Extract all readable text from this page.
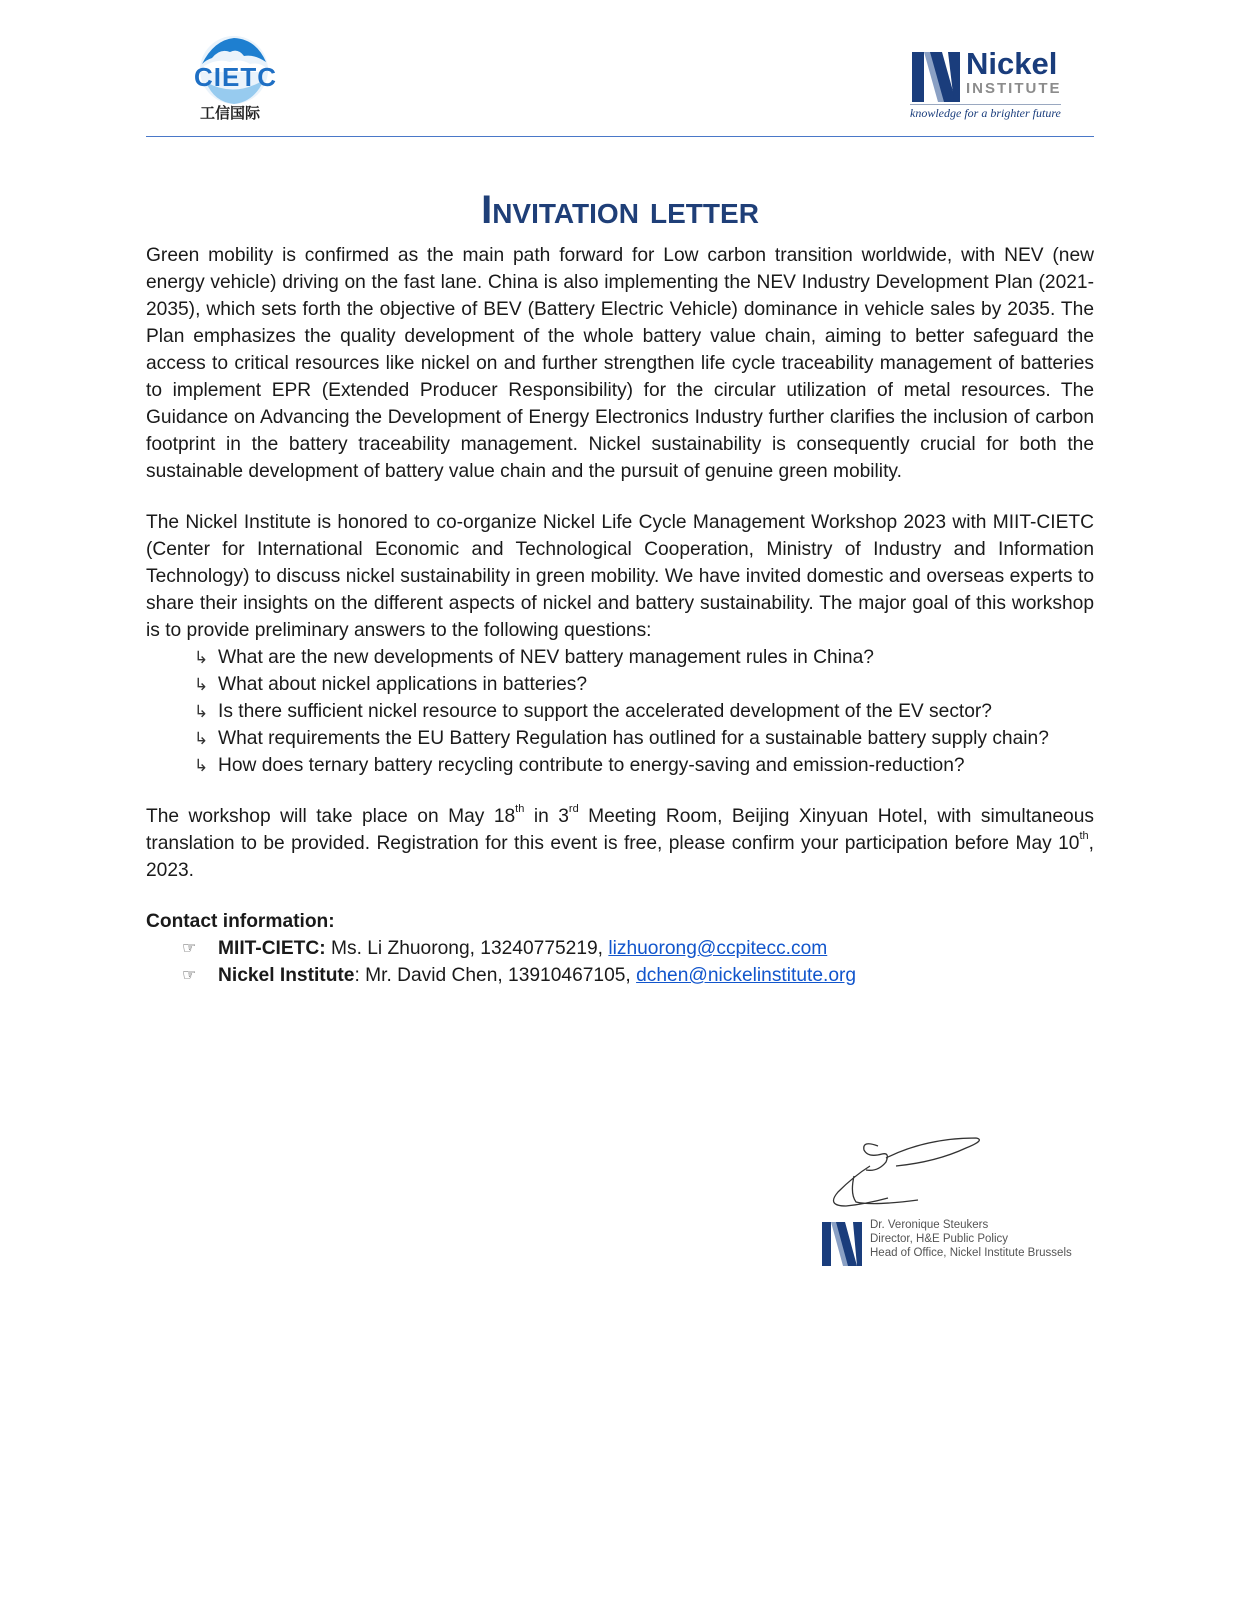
CIETC
工信国际
Nickel
INSTITUTE
knowledge for a brighter future
Invitation letter

Green mobility is confirmed as the main path forward for Low carbon transition worldwide, with NEV (new energy vehicle) driving on the fast lane. China is also implementing the NEV Industry Development Plan (2021-2035), which sets forth the objective of BEV (Battery Electric Vehicle) dominance in vehicle sales by 2035. The Plan emphasizes the quality development of the whole battery value chain, aiming to better safeguard the access to critical resources like nickel on and further strengthen life cycle traceability management of batteries to implement EPR (Extended Producer Responsibility) for the circular utilization of metal resources. The Guidance on Advancing the Development of Energy Electronics Industry further clarifies the inclusion of carbon footprint in the battery traceability management. Nickel sustainability is consequently crucial for both the sustainable development of battery value chain and the pursuit of genuine green mobility.

The Nickel Institute is honored to co-organize Nickel Life Cycle Management Workshop 2023 with MIIT-CIETC (Center for International Economic and Technological Cooperation, Ministry of Industry and Information Technology) to discuss nickel sustainability in green mobility. We have invited domestic and overseas experts to share their insights on the different aspects of nickel and battery sustainability. The major goal of this workshop is to provide preliminary answers to the following questions:

↳ What are the new developments of NEV battery management rules in China?
↳ What about nickel applications in batteries?
↳ Is there sufficient nickel resource to support the accelerated development of the EV sector?
↳ What requirements the EU Battery Regulation has outlined for a sustainable battery supply chain?
↳ How does ternary battery recycling contribute to energy-saving and emission-reduction?

The workshop will take place on May 18th in 3rd Meeting Room, Beijing Xinyuan Hotel, with simultaneous translation to be provided. Registration for this event is free, please confirm your participation before May 10th, 2023.

Contact information:

☞ MIIT-CIETC: Ms. Li Zhuorong, 13240775219, lizhuorong@ccpitecc.com
☞ Nickel Institute: Mr. David Chen, 13910467105, dchen@nickelinstitute.org
Dr. Veronique Steukers
Director, H&E Public Policy
Head of Office, Nickel Institute Brussels
